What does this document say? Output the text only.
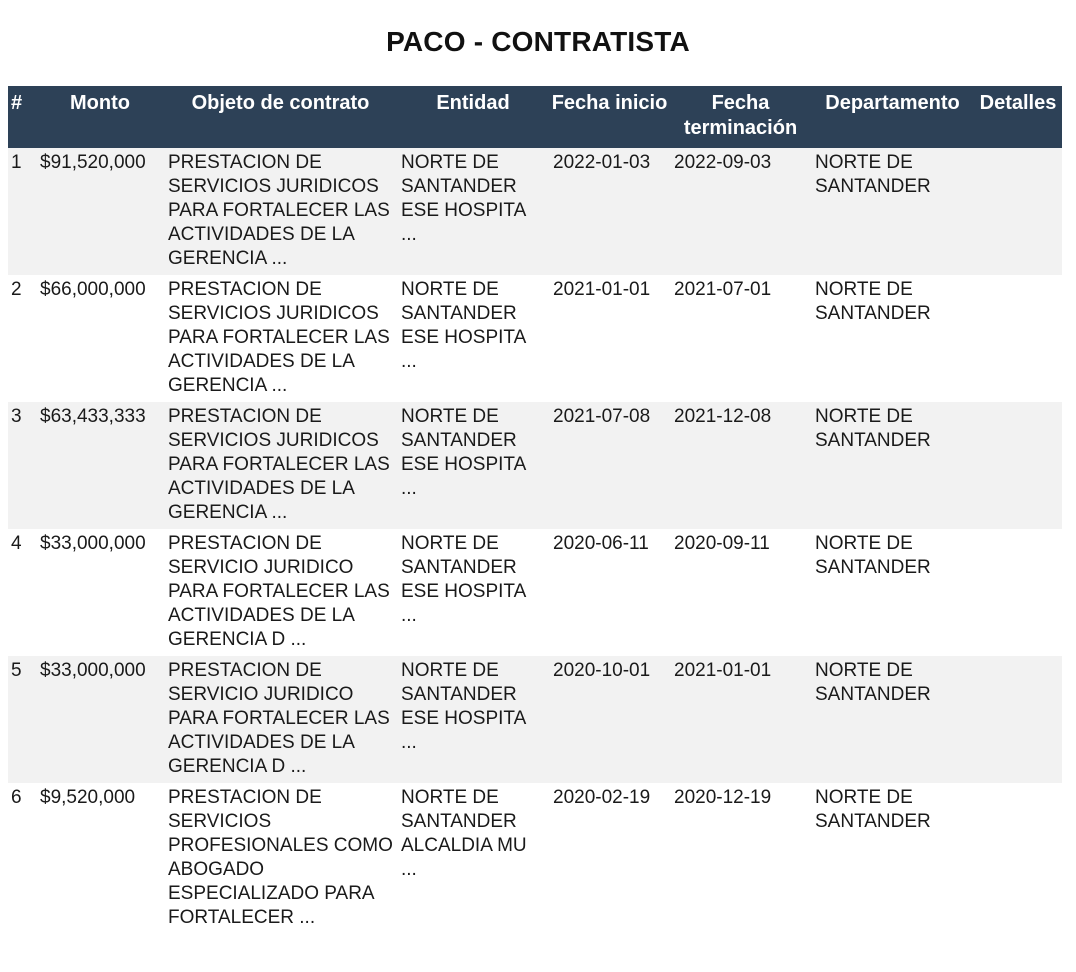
PACO - CONTRATISTA
#	Monto	Objeto de contrato	Entidad	Fecha inicio	Fecha terminación	Departamento	Detalles
1	$91,520,000	PRESTACION DE SERVICIOS JURIDICOS PARA FORTALECER LAS ACTIVIDADES DE LA GERENCIA ...	NORTE DE SANTANDER ESE HOSPITA ...	2022-01-03	2022-09-03	NORTE DE SANTANDER	
2	$66,000,000	PRESTACION DE SERVICIOS JURIDICOS PARA FORTALECER LAS ACTIVIDADES DE LA GERENCIA ...	NORTE DE SANTANDER ESE HOSPITA ...	2021-01-01	2021-07-01	NORTE DE SANTANDER	
3	$63,433,333	PRESTACION DE SERVICIOS JURIDICOS PARA FORTALECER LAS ACTIVIDADES DE LA GERENCIA ...	NORTE DE SANTANDER ESE HOSPITA ...	2021-07-08	2021-12-08	NORTE DE SANTANDER	
4	$33,000,000	PRESTACION DE SERVICIO JURIDICO PARA FORTALECER LAS ACTIVIDADES DE LA GERENCIA D ...	NORTE DE SANTANDER ESE HOSPITA ...	2020-06-11	2020-09-11	NORTE DE SANTANDER	
5	$33,000,000	PRESTACION DE SERVICIO JURIDICO PARA FORTALECER LAS ACTIVIDADES DE LA GERENCIA D ...	NORTE DE SANTANDER ESE HOSPITA ...	2020-10-01	2021-01-01	NORTE DE SANTANDER	
6	$9,520,000	PRESTACION DE SERVICIOS PROFESIONALES COMO ABOGADO ESPECIALIZADO PARA FORTALECER ...	NORTE DE SANTANDER ALCALDIA MU ...	2020-02-19	2020-12-19	NORTE DE SANTANDER	
